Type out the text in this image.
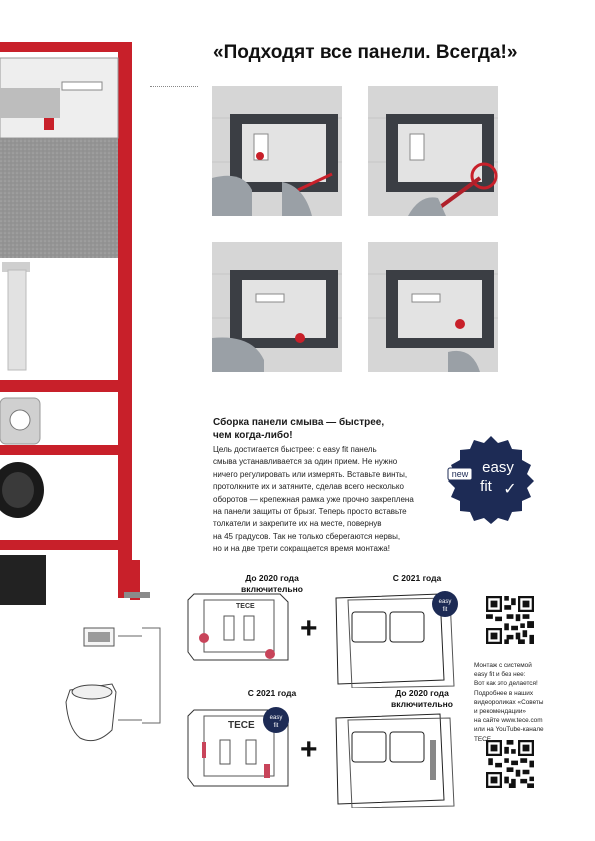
«Подходят все панели. Всегда!»
Сборка панели смыва — быстрее,
чем когда-либо!
Цель достигается быстрее: с easy fit панель
смыва устанавливается за один прием. Не нужно
ничего регулировать или измерять. Вставьте винты,
протолкните их и затяните, сделав всего несколько
оборотов — крепежная рамка уже прочно закреплена
на панели защиты от брызг. Теперь просто вставьте
толкатели и закрепите их на месте, повернув
на 45 градусов. Так не только сберегаются нервы,
но и на две трети сокращается время монтажа!
new easy
fit ✓
До 2020 года
включительно
С 2021 года
TECE
+
easy
fit
С 2021 года	До 2020 года
включительно
TECE
easy
fit
+
Монтаж с системой
easy fit и без нее:
Вот как это делается!
Подробнее в наших
видеороликах «Советы
и рекомендации»
на сайте www.tece.com
или на YouTube-канале
TECE.
